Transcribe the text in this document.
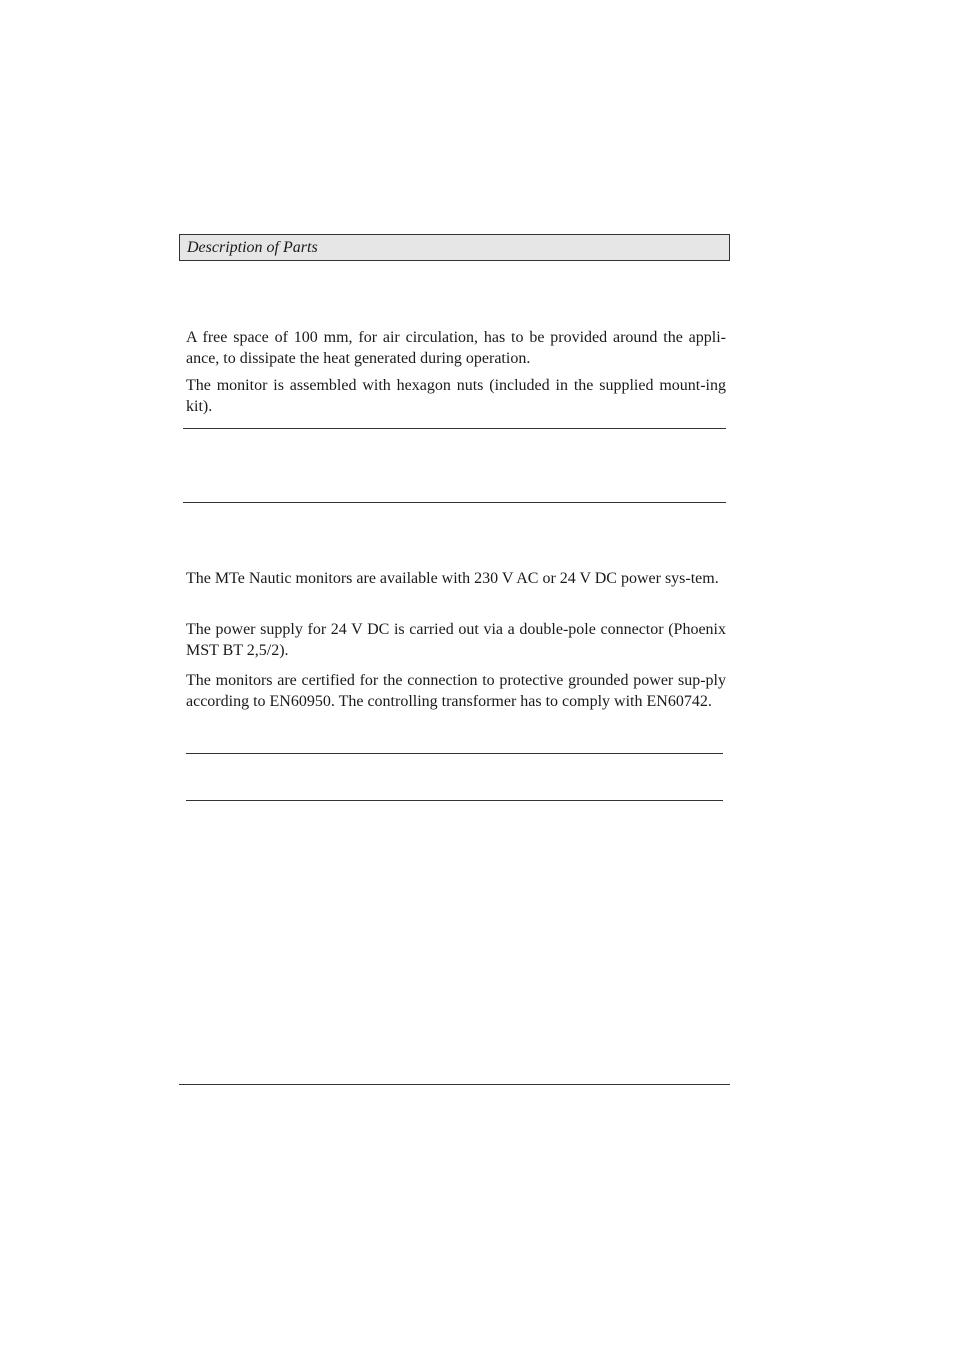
Description of Parts

A free space of 100 mm, for air circulation, has to be provided around the appli-ance, to dissipate the heat generated during operation.

The monitor is assembled with hexagon nuts (included in the supplied mount-ing kit).

The MTe Nautic monitors are available with 230 V AC or 24 V DC power sys-tem.

The power supply for 24 V DC is carried out via a double-pole connector (Phoenix MST BT 2,5/2).

The monitors are certified for the connection to protective grounded power sup-ply according to EN60950. The controlling transformer has to comply with EN60742.
